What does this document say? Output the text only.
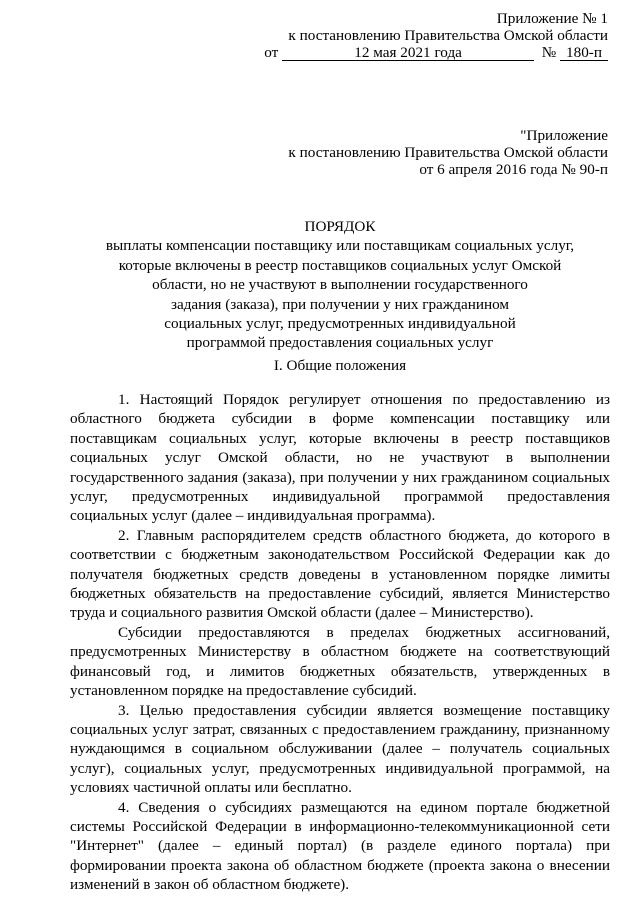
Приложение № 1
к постановлению Правительства Омской области
от	12 мая 2021 года	№ 180-п
"Приложение
к постановлению Правительства Омской области
от 6 апреля 2016 года № 90-п
ПОРЯДОК
выплаты компенсации поставщику или поставщикам социальных услуг,
которые включены в реестр поставщиков социальных услуг Омской
области, но не участвуют в выполнении государственного
задания (заказа), при получении у них гражданином
социальных услуг, предусмотренных индивидуальной
программой предоставления социальных услуг
I. Общие положения

1. Настоящий Порядок регулирует отношения по предоставлению из областного бюджета субсидии в форме компенсации поставщику или поставщикам социальных услуг, которые включены в реестр поставщиков социальных услуг Омской области, но не участвуют в выполнении государственного задания (заказа), при получении у них гражданином социальных услуг, предусмотренных индивидуальной программой предоставления социальных услуг (далее – индивидуальная программа).

2. Главным распорядителем средств областного бюджета, до которого в соответствии с бюджетным законодательством Российской Федерации как до получателя бюджетных средств доведены в установленном порядке лимиты бюджетных обязательств на предоставление субсидий, является Министерство труда и социального развития Омской области (далее – Министерство).

Субсидии предоставляются в пределах бюджетных ассигнований, предусмотренных Министерству в областном бюджете на соответствующий финансовый год, и лимитов бюджетных обязательств, утвержденных в установленном порядке на предоставление субсидий.

3. Целью предоставления субсидии является возмещение поставщику социальных услуг затрат, связанных с предоставлением гражданину, признанному нуждающимся в социальном обслуживании (далее – получатель социальных услуг), социальных услуг, предусмотренных индивидуальной программой, на условиях частичной оплаты или бесплатно.

4. Сведения о субсидиях размещаются на едином портале бюджетной системы Российской Федерации в информационно-телекоммуникационной сети "Интернет" (далее – единый портал) (в разделе единого портала) при формировании проекта закона об областном бюджете (проекта закона о внесении изменений в закон об областном бюджете).
